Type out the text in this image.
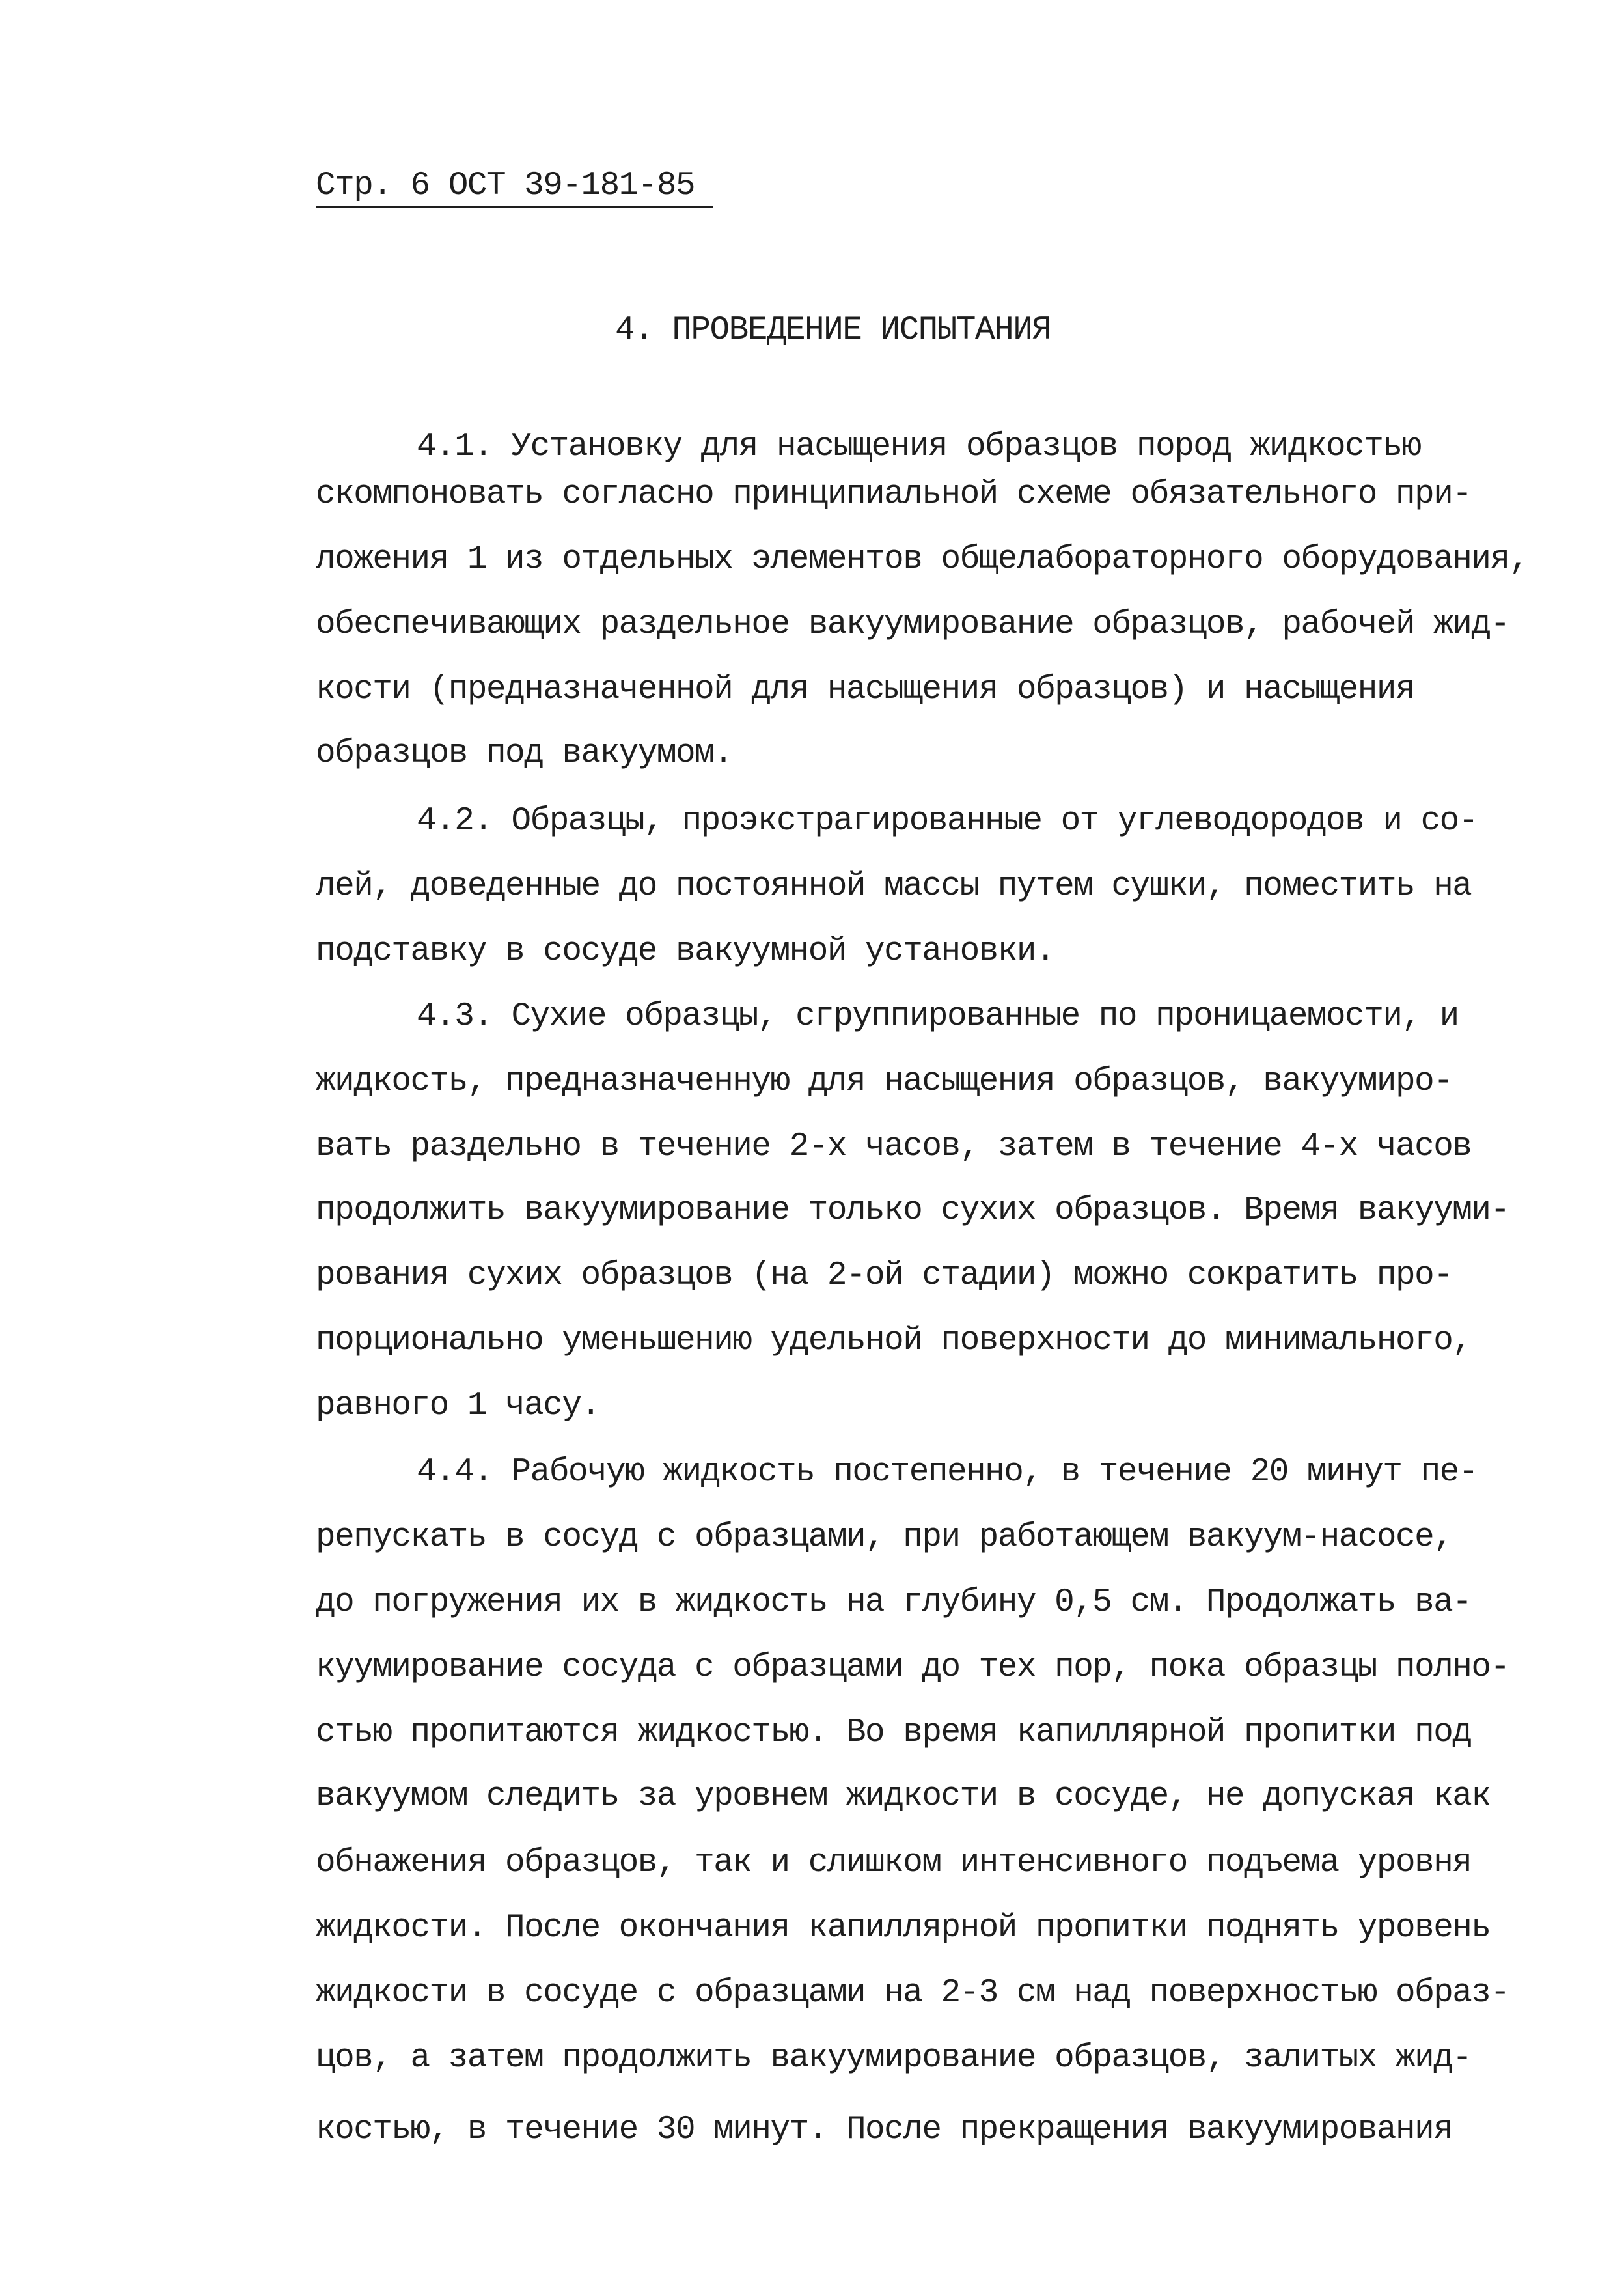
Стр. 6 ОСТ 39-181-85
4. ПРОВЕДЕНИЕ ИСПЫТАНИЯ
4.1. Установку для насыщения образцов пород жидкостью
скомпоновать согласно принципиальной схеме обязательного при-
ложения 1 из отдельных элементов общелабораторного оборудования,
обеспечивающих раздельное вакуумирование образцов, рабочей жид-
кости (предназначенной для насыщения образцов) и насыщения
образцов под вакуумом.
4.2. Образцы, проэкстрагированные от углеводородов и со-
лей, доведенные до постоянной массы путем сушки, поместить на
подставку в сосуде вакуумной установки.
4.3. Сухие образцы, сгруппированные по проницаемости, и
жидкость, предназначенную для насыщения образцов, вакуумиро-
вать раздельно в течение 2-х часов, затем в течение 4-х часов
продолжить вакуумирование только сухих образцов. Время вакууми-
рования сухих образцов (на 2-ой стадии) можно сократить про-
порционально уменьшению удельной поверхности до минимального,
равного 1 часу.
4.4. Рабочую жидкость постепенно, в течение 20 минут пе-
репускать в сосуд с образцами, при работающем вакуум-насосе,
до погружения их в жидкость на глубину 0,5 см. Продолжать ва-
куумирование сосуда с образцами до тех пор, пока образцы полно-
стью пропитаются жидкостью. Во время капиллярной пропитки под
вакуумом следить за уровнем жидкости в сосуде, не допуская как
обнажения образцов, так и слишком интенсивного подъема уровня
жидкости. После окончания капиллярной пропитки поднять уровень
жидкости в сосуде с образцами на 2-3 см над поверхностью образ-
цов, а затем продолжить вакуумирование образцов, залитых жид-
костью, в течение 30 минут. После прекращения вакуумирования
